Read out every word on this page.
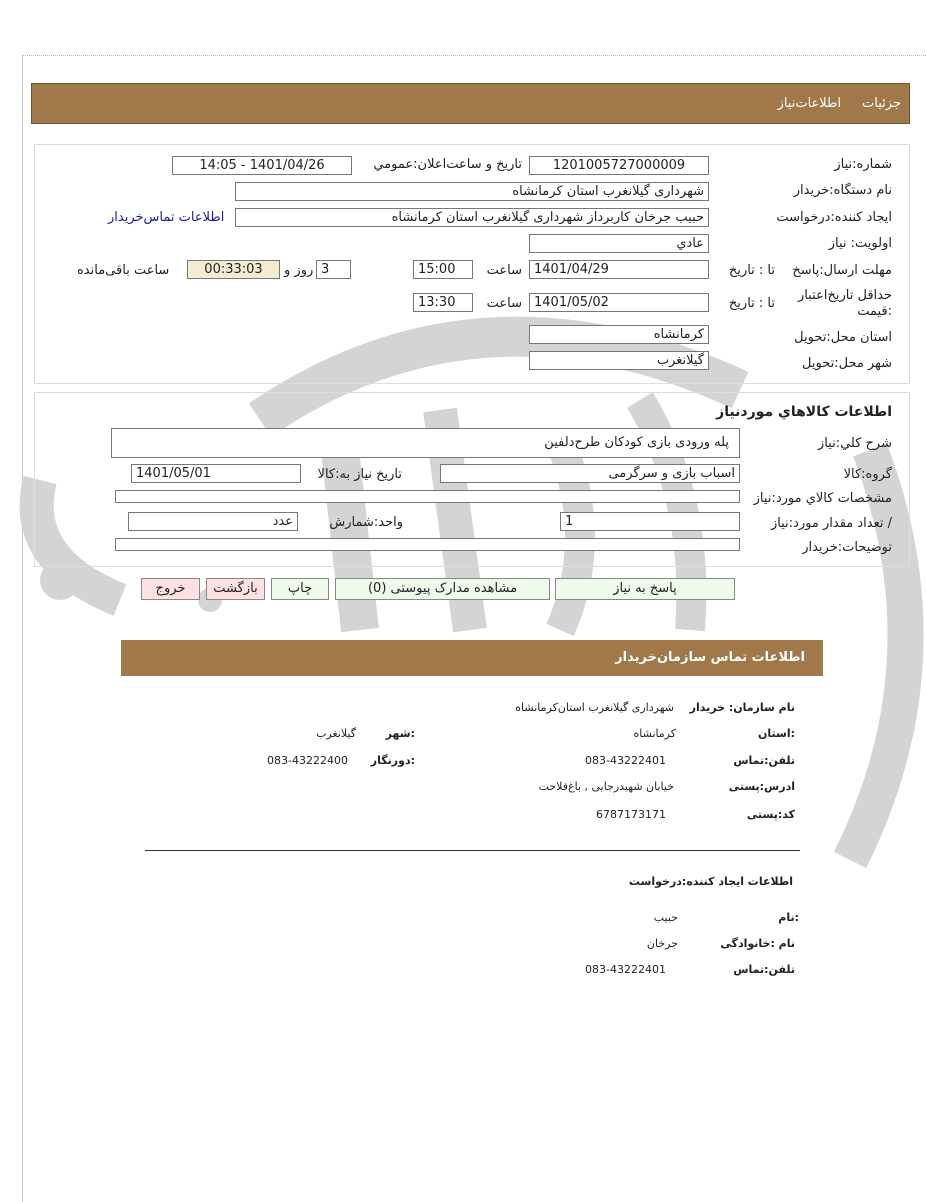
جزئیات
اطلاعات‌نیاز
شماره:نیاز
1201005727000009
تاریخ و ساعت‌اعلان:عمومي
1401/04/26 - 14:05
نام دستگاه:خریدار
شهرداری گیلانغرب استان کرمانشاه
ایجاد کننده:درخواست
حبیب جرخان کاربرداز شهرداری گیلانغرب استان کرمانشاه
اطلاعات تماس‌خریدار
اولویت: نیاز
عادي
مهلت ارسال:پاسخ
تا : تاریخ
1401/04/29
ساعت
15:00
3
روز و
00:33:03
ساعت باقی‌مانده
حداقل تاریخ‌اعتبار
:قیمت
تا : تاریخ
1401/05/02
ساعت
13:30
استان محل:تحویل
کرمانشاه
شهر محل:تحویل
گیلانغرب
اطلاعات کالاهاي موردنیاز
شرح کلي:نیاز
پله ورودی بازی کودکان طرح‌دلفین
گروه:کالا
اسباب بازی و سرگرمی
تاریخ نیاز به:کالا
1401/05/01
مشخصات کالاي مورد:نیاز
/ تعداد مقدار مورد:نیاز
1
واحد:شمارش
عدد
توضیحات:خریدار
پاسخ به نیاز
مشاهده مدارک پیوستی (0)
چاپ
بازگشت
خروج
اطلاعات تماس سازمان‌خریدار
نام سازمان: خریدار
شهرداری گیلانغرب استان‌کرمانشاه
:استان
کرمانشاه
:شهر
گیلانغرب
تلفن:تماس
083-43222401
:دورنگار
083-43222400
ادرس:پستی
خیابان شهید‌رجایی , باغ‌فلاحت
کد:پستی
6787173171
اطلاعات ایجاد کننده:درخواست
:نام
حبیب
نام :خانوادگی
جرخان
تلفن:تماس
083-43222401
